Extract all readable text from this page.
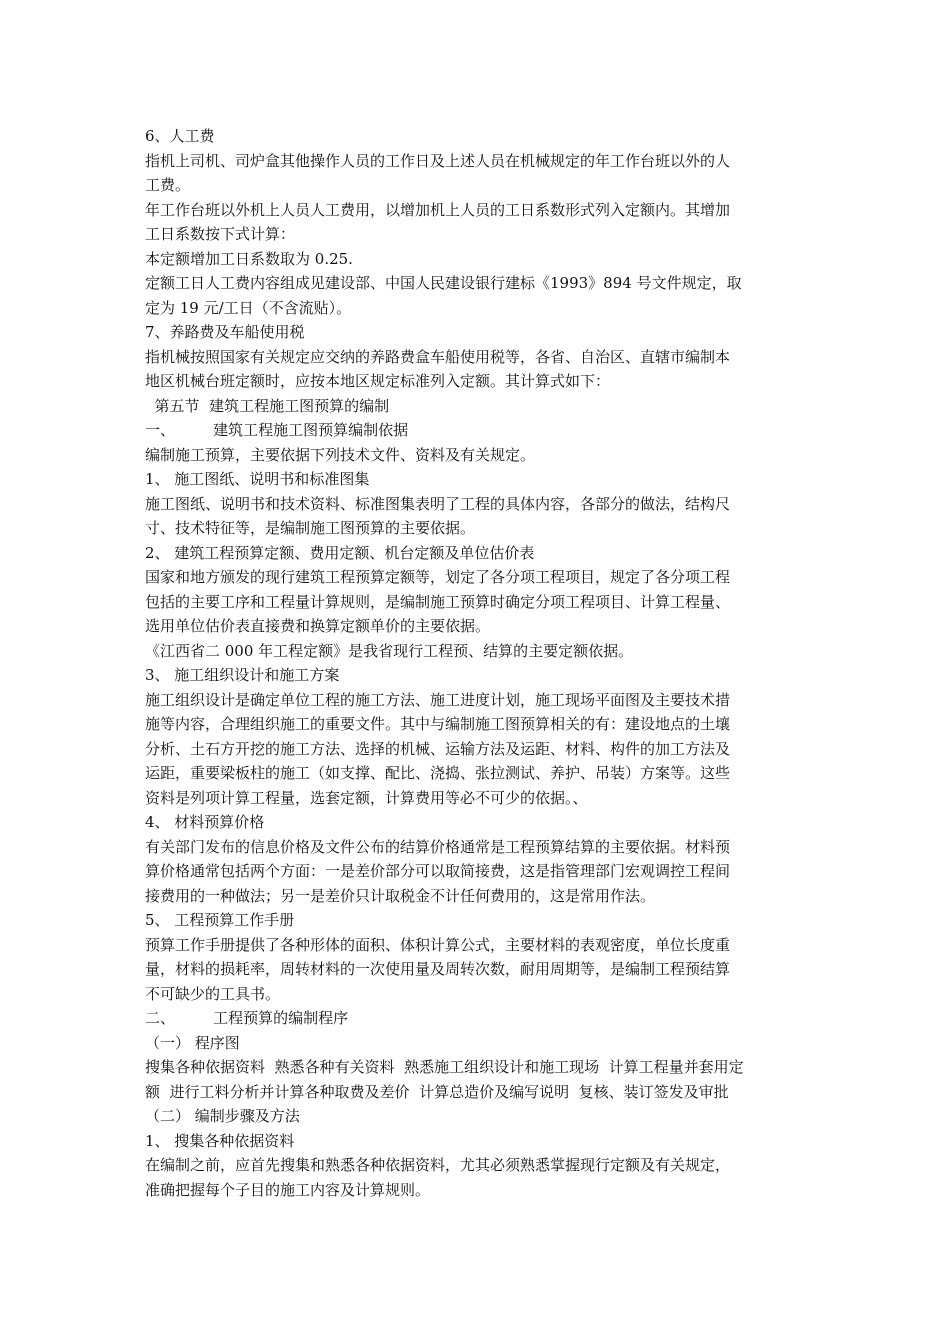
6、人工费

指机上司机、司炉盒其他操作人员的工作日及上述人员在机械规定的年工作台班以外的人

工费。

年工作台班以外机上人员人工费用，以增加机上人员的工日系数形式列入定额内。其增加

工日系数按下式计算：

本定额增加工日系数取为 0.25.

定额工日人工费内容组成见建设部、中国人民建设银行建标《1993》894 号文件规定，取

定为 19 元/工日（不含流贴）。

7、养路费及车船使用税

指机械按照国家有关规定应交纳的养路费盒车船使用税等，各省、自治区、直辖市编制本

地区机械台班定额时，应按本地区规定标准列入定额。其计算式如下：

第五节  建筑工程施工图预算的编制

一、        建筑工程施工图预算编制依据

编制施工预算，主要依据下列技术文件、资料及有关规定。

1、 施工图纸、说明书和标准图集

施工图纸、说明书和技术资料、标准图集表明了工程的具体内容，各部分的做法，结构尺

寸、技术特征等，是编制施工图预算的主要依据。

2、 建筑工程预算定额、费用定额、机台定额及单位估价表

国家和地方颁发的现行建筑工程预算定额等，划定了各分项工程项目，规定了各分项工程

包括的主要工序和工程量计算规则，是编制施工预算时确定分项工程项目、计算工程量、

选用单位估价表直接费和换算定额单价的主要依据。

《江西省二 000 年工程定额》是我省现行工程预、结算的主要定额依据。

3、 施工组织设计和施工方案

施工组织设计是确定单位工程的施工方法、施工进度计划，施工现场平面图及主要技术措

施等内容，合理组织施工的重要文件。其中与编制施工图预算相关的有：建设地点的土壤

分析、土石方开挖的施工方法、选择的机械、运输方法及运距、材料、构件的加工方法及

运距，重要梁板柱的施工（如支撑、配比、浇捣、张拉测试、养护、吊装）方案等。这些

资料是列项计算工程量，选套定额，计算费用等必不可少的依据。、

4、 材料预算价格

有关部门发布的信息价格及文件公布的结算价格通常是工程预算结算的主要依据。材料预

算价格通常包括两个方面：一是差价部分可以取简接费，这是指管理部门宏观调控工程间

接费用的一种做法；另一是差价只计取税金不计任何费用的，这是常用作法。

5、 工程预算工作手册

预算工作手册提供了各种形体的面积、体积计算公式，主要材料的表观密度，单位长度重

量，材料的损耗率，周转材料的一次使用量及周转次数，耐用周期等，是编制工程预结算

不可缺少的工具书。

二、        工程预算的编制程序

（一） 程序图

搜集各种依据资料  熟悉各种有关资料  熟悉施工组织设计和施工现场  计算工程量并套用定

额  进行工料分析并计算各种取费及差价  计算总造价及编写说明  复核、装订签发及审批

（二） 编制步骤及方法

1、 搜集各种依据资料

在编制之前，应首先搜集和熟悉各种依据资料，尤其必须熟悉掌握现行定额及有关规定，

准确把握每个子目的施工内容及计算规则。
